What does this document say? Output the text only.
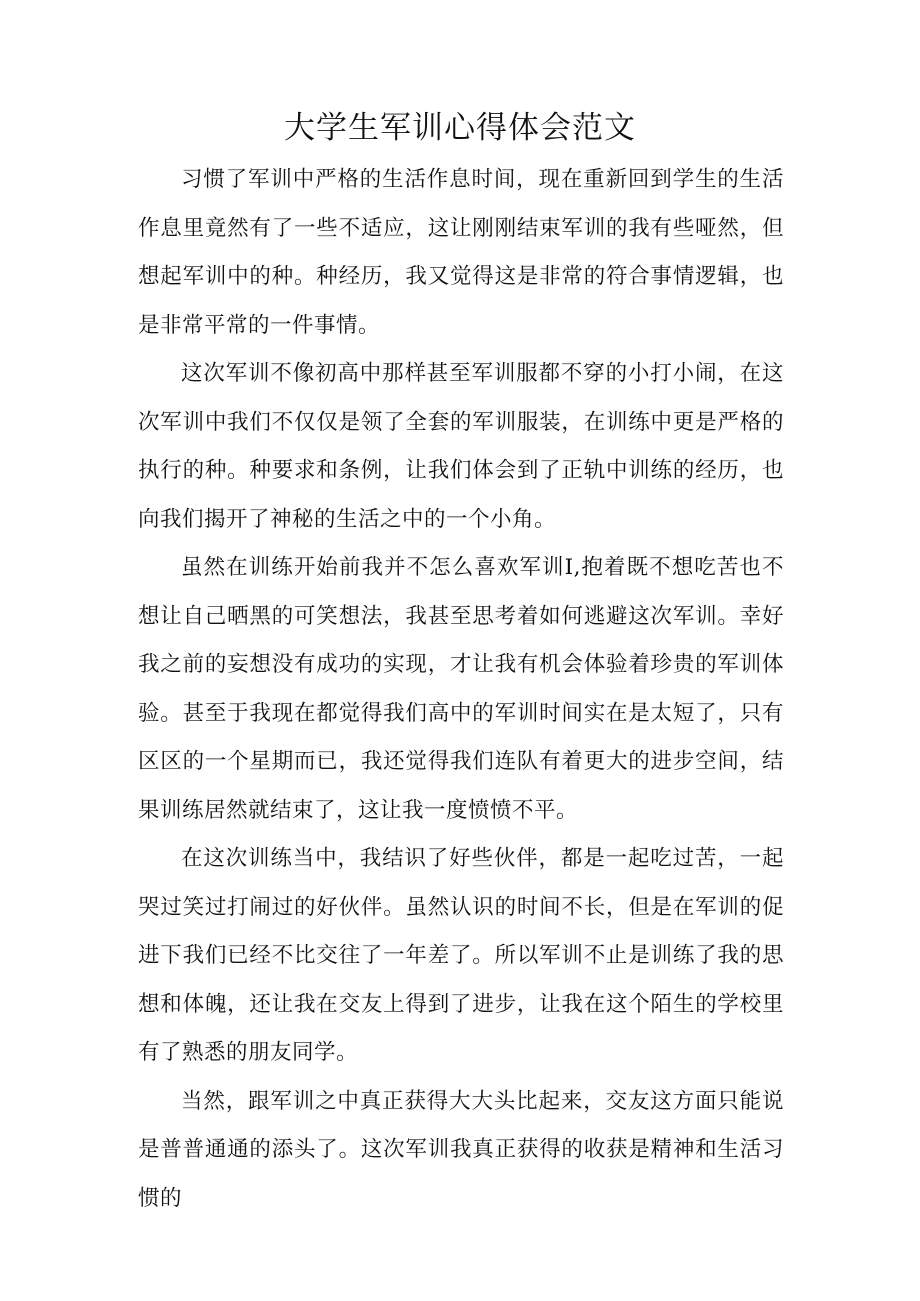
大学生军训心得体会范文

习惯了军训中严格的生活作息时间，现在重新回到学生的生活作息里竟然有了一些不适应，这让刚刚结束军训的我有些哑然，但想起军训中的种。种经历，我又觉得这是非常的符合事情逻辑，也是非常平常的一件事情。

这次军训不像初高中那样甚至军训服都不穿的小打小闹，在这次军训中我们不仅仅是领了全套的军训服装，在训练中更是严格的执行的种。种要求和条例，让我们体会到了正轨中训练的经历，也向我们揭开了神秘的生活之中的一个小角。

虽然在训练开始前我并不怎么喜欢军训I,抱着既不想吃苦也不想让自己晒黑的可笑想法，我甚至思考着如何逃避这次军训。幸好我之前的妄想没有成功的实现，才让我有机会体验着珍贵的军训体验。甚至于我现在都觉得我们高中的军训时间实在是太短了，只有区区的一个星期而已，我还觉得我们连队有着更大的进步空间，结果训练居然就结束了，这让我一度愤愤不平。

在这次训练当中，我结识了好些伙伴，都是一起吃过苦，一起哭过笑过打闹过的好伙伴。虽然认识的时间不长，但是在军训的促进下我们已经不比交往了一年差了。所以军训不止是训练了我的思想和体魄，还让我在交友上得到了进步，让我在这个陌生的学校里有了熟悉的朋友同学。

当然，跟军训之中真正获得大大头比起来，交友这方面只能说是普普通通的添头了。这次军训我真正获得的收获是精神和生活习惯的
